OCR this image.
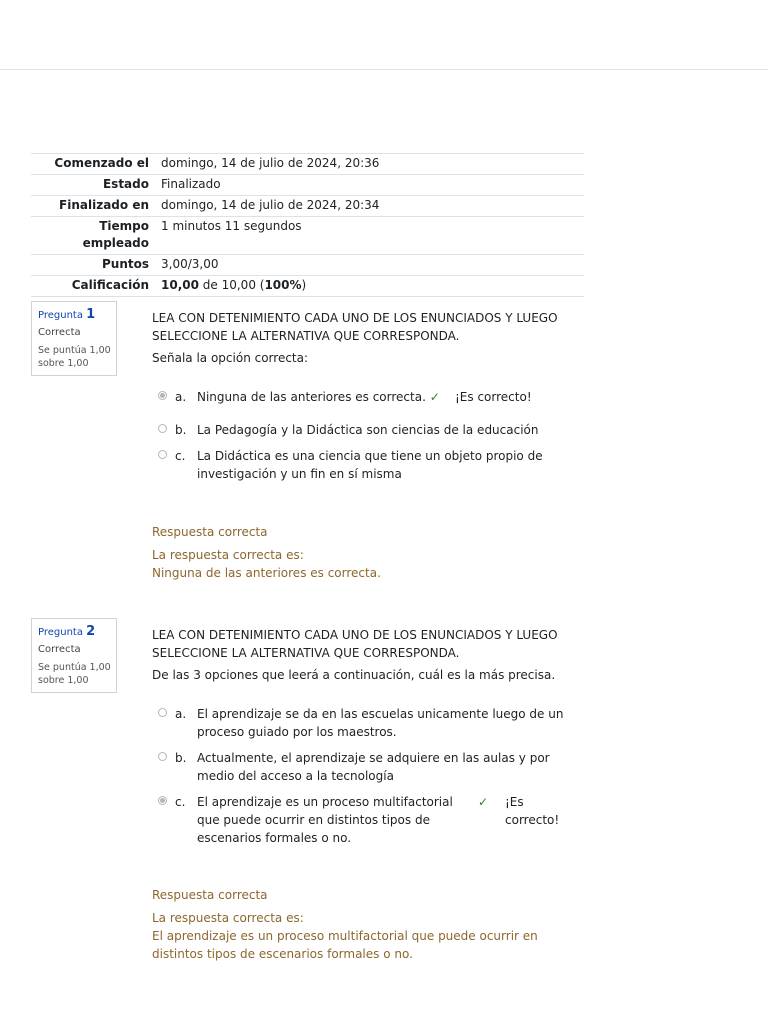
Comenzado el	domingo, 14 de julio de 2024, 20:36
Estado	Finalizado
Finalizado en	domingo, 14 de julio de 2024, 20:34
Tiempo empleado	1 minutos 11 segundos
Puntos	3,00/3,00
Calificación	10,00 de 10,00 (100%)
Pregunta 1
Correcta
Se puntúa 1,00 sobre 1,00
LEA CON DETENIMIENTO CADA UNO DE LOS ENUNCIADOS Y LUEGO SELECCIONE LA ALTERNATIVA QUE CORRESPONDA.
Señala la opción correcta:
a. Ninguna de las anteriores es correcta. ✓	¡Es correcto!
b. La Pedagogía y la Didáctica son ciencias de la educación
c. La Didáctica es una ciencia que tiene un objeto propio de investigación y un fin en sí misma
Respuesta correcta
La respuesta correcta es:
Ninguna de las anteriores es correcta.
Pregunta 2
Correcta
Se puntúa 1,00 sobre 1,00
LEA CON DETENIMIENTO CADA UNO DE LOS ENUNCIADOS Y LUEGO SELECCIONE LA ALTERNATIVA QUE CORRESPONDA.
De las 3 opciones que leerá a continuación, cuál es la más precisa.
a. El aprendizaje se da en las escuelas unicamente luego de un proceso guiado por los maestros.
b. Actualmente, el aprendizaje se adquiere en las aulas y por medio del acceso a la tecnología
c. El aprendizaje es un proceso multifactorial que puede ocurrir en distintos tipos de escenarios formales o no.
✓ ¡Es correcto!
Respuesta correcta
La respuesta correcta es:
El aprendizaje es un proceso multifactorial que puede ocurrir en distintos tipos de escenarios formales o no.
